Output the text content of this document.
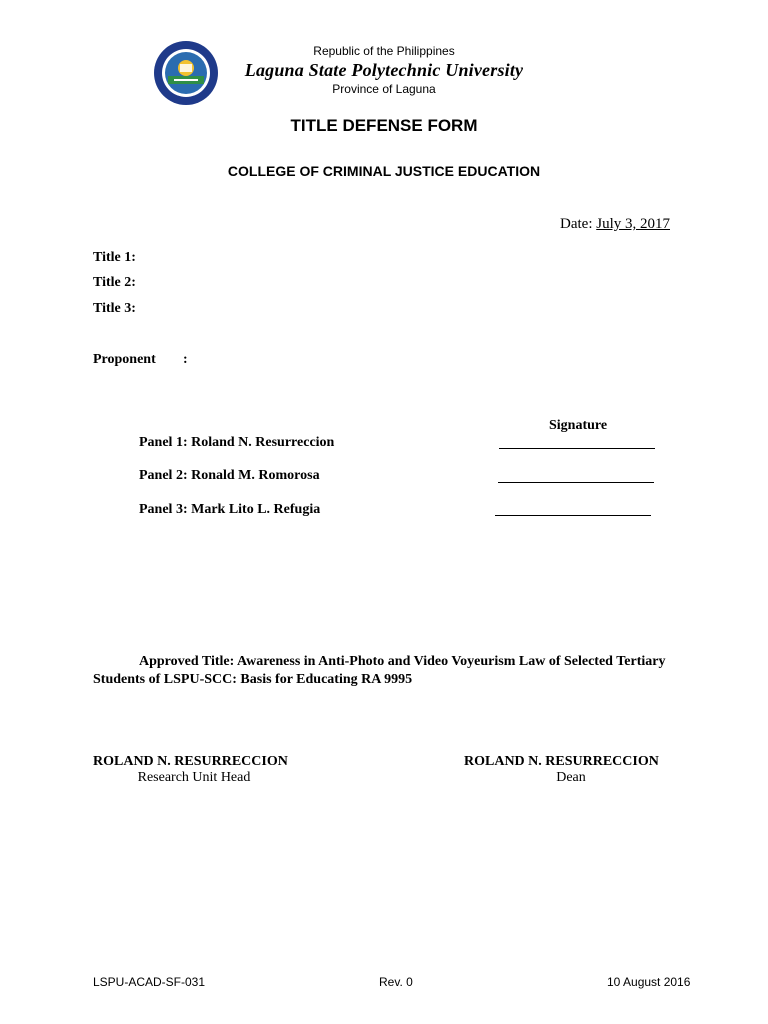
Republic of the Philippines
Laguna State Polytechnic University
Province of Laguna
TITLE DEFENSE FORM
COLLEGE OF CRIMINAL JUSTICE EDUCATION
Date: July 3, 2017
Title 1:
Title 2:
Title 3:
Proponent :
Signature
Panel 1: Roland N. Resurreccion
Panel 2: Ronald M. Romorosa
Panel 3: Mark Lito L. Refugia
Approved Title: Awareness in Anti-Photo and Video Voyeurism Law of Selected Tertiary Students of LSPU-SCC: Basis for Educating RA 9995
ROLAND N. RESURRECCION
Research Unit Head
ROLAND N. RESURRECCION
Dean
LSPU-ACAD-SF-031	Rev. 0	10 August 2016
